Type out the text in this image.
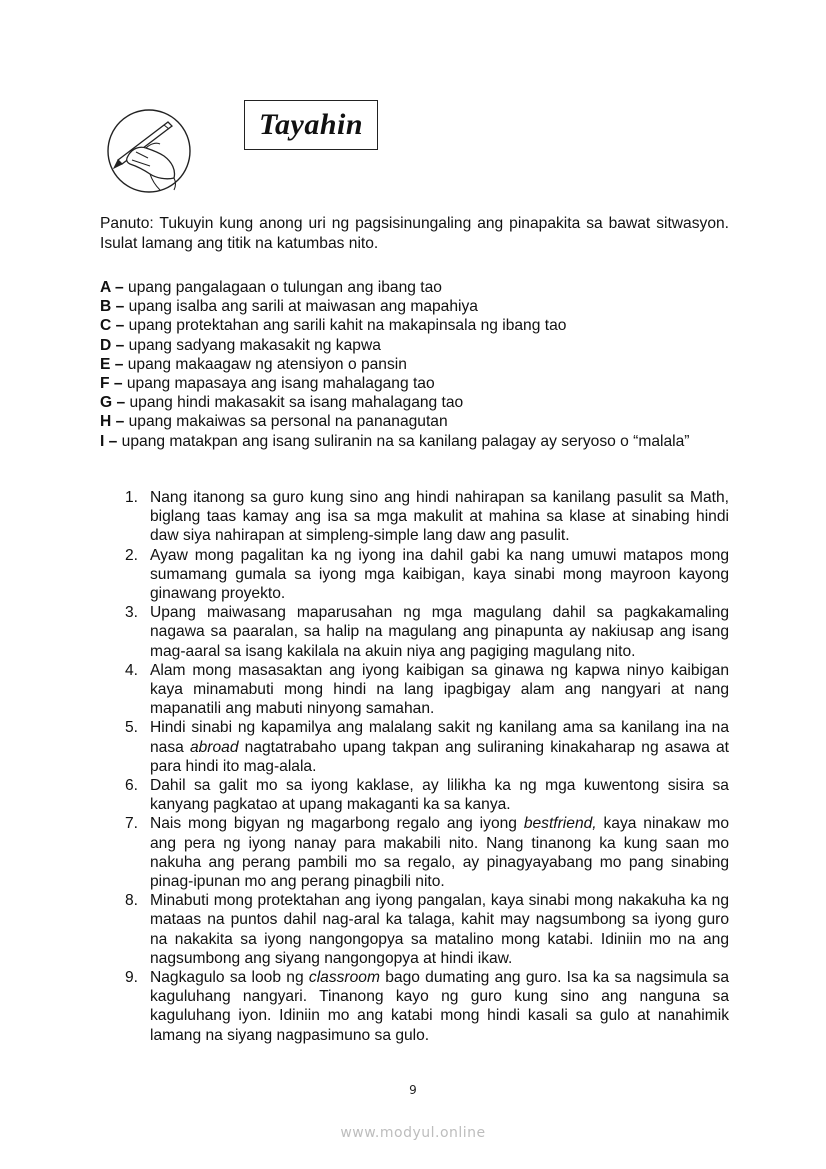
Tayahin

Panuto: Tukuyin kung anong uri ng pagsisinungaling ang pinapakita sa bawat sitwasyon. Isulat lamang ang titik na katumbas nito.

A – upang pangalagaan o tulungan ang ibang tao
B – upang isalba ang sarili at maiwasan ang mapahiya
C – upang protektahan ang sarili kahit na makapinsala ng ibang tao
D – upang sadyang makasakit ng kapwa
E – upang makaagaw ng atensiyon o pansin
F – upang mapasaya ang isang mahalagang tao
G – upang hindi makasakit sa isang mahalagang tao
H – upang makaiwas sa personal na pananagutan
I – upang matakpan ang isang suliranin na sa kanilang palagay ay seryoso o “malala”
1. Nang itanong sa guro kung sino ang hindi nahirapan sa kanilang pasulit sa Math, biglang taas kamay ang isa sa mga makulit at mahina sa klase at sinabing hindi daw siya nahirapan at simpleng-simple lang daw ang pasulit.
2. Ayaw mong pagalitan ka ng iyong ina dahil gabi ka nang umuwi matapos mong sumamang gumala sa iyong mga kaibigan, kaya sinabi mong mayroon kayong ginawang proyekto.
3. Upang maiwasang maparusahan ng mga magulang dahil sa pagkakamaling nagawa sa paaralan, sa halip na magulang ang pinapunta ay nakiusap ang isang mag-aaral sa isang kakilala na akuin niya ang pagiging magulang nito.
4. Alam mong masasaktan ang iyong kaibigan sa ginawa ng kapwa ninyo kaibigan kaya minamabuti mong hindi na lang ipagbigay alam ang nangyari at nang mapanatili ang mabuti ninyong samahan.
5. Hindi sinabi ng kapamilya ang malalang sakit ng kanilang ama sa kanilang ina na nasa abroad nagtatrabaho upang takpan ang suliraning kinakaharap ng asawa at para hindi ito mag-alala.
6. Dahil sa galit mo sa iyong kaklase, ay lilikha ka ng mga kuwentong sisira sa kanyang pagkatao at upang makaganti ka sa kanya.
7. Nais mong bigyan ng magarbong regalo ang iyong bestfriend, kaya ninakaw mo ang pera ng iyong nanay para makabili nito. Nang tinanong ka kung saan mo nakuha ang perang pambili mo sa regalo, ay pinagyayabang mo pang sinabing pinag-ipunan mo ang perang pinagbili nito.
8. Minabuti mong protektahan ang iyong pangalan, kaya sinabi mong nakakuha ka ng mataas na puntos dahil nag-aral ka talaga, kahit may nagsumbong sa iyong guro na nakakita sa iyong nangongopya sa matalino mong katabi. Idiniin mo na ang nagsumbong ang siyang nangongopya at hindi ikaw.
9. Nagkagulo sa loob ng classroom bago dumating ang guro. Isa ka sa nagsimula sa kaguluhang nangyari. Tinanong kayo ng guro kung sino ang nanguna sa kaguluhang iyon. Idiniin mo ang katabi mong hindi kasali sa gulo at nanahimik lamang na siyang nagpasimuno sa gulo.
9
www.modyul.online
